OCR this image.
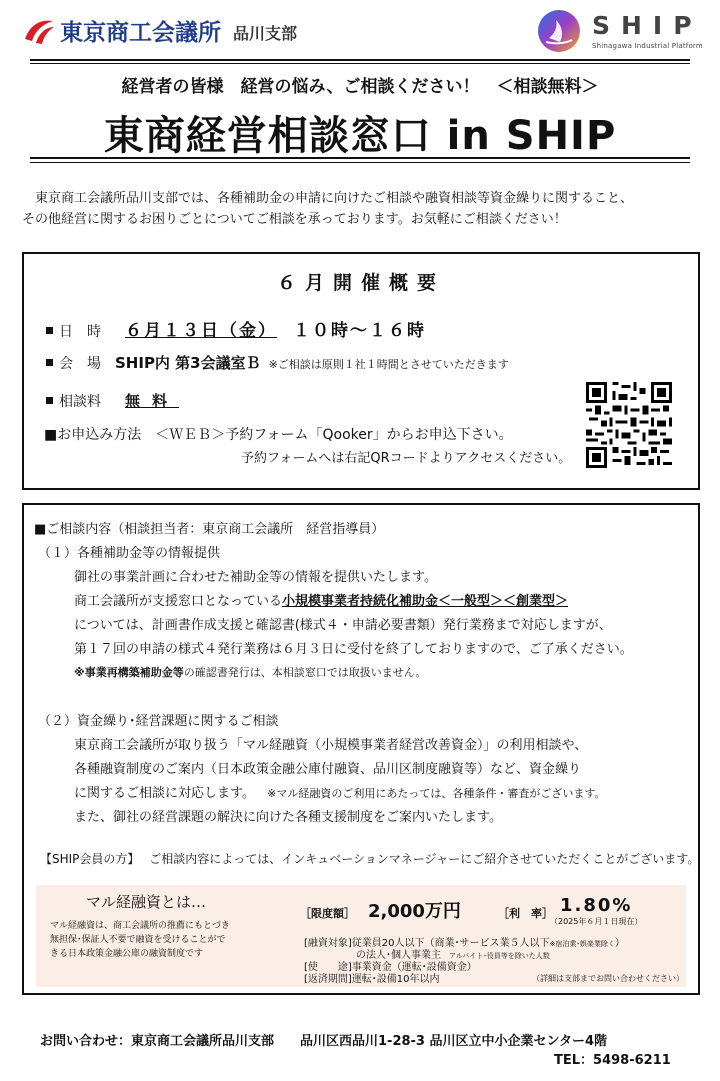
東京商工会議所 品川支部	SHIP
Shinagawa Industrial Platform
経営者の皆様　経営の悩み、ご相談ください！　＜相談無料＞
東商経営相談窓口 in SHIP
　東京商工会議所品川支部では、各種補助金の申請に向けたご相談や融資相談等資金繰りに関すること、
その他経営に関するお困りごとについてご相談を承っております。お気軽にご相談ください！
６月開催概要
日時 ６月１３日（金） １０時～１６時
会　場 SHIP内 第3会議室Ｂ ※ご相談は原則１社１時間とさせていただきます
相談料 無料
■お申込み方法　＜ＷＥＢ＞予約フォーム「Qooker」からお申込下さい。
予約フォームへは右記QRコードよりアクセスください。
■ご相談内容（相談担当者：東京商工会議所　経営指導員）
（１）各種補助金等の情報提供
御社の事業計画に合わせた補助金等の情報を提供いたします。
商工会議所が支援窓口となっている小規模事業者持続化補助金＜一般型＞＜創業型＞
については、計画書作成支援と確認書(様式４・申請必要書類）発行業務まで対応しますが、
第１７回の申請の様式４発行業務は６月３日に受付を終了しておりますので、ご了承ください。
※事業再構築補助金等の確認書発行は、本相談窓口では取扱いません。
（２）資金繰り･経営課題に関するご相談
東京商工会議所が取り扱う「マル経融資（小規模事業者経営改善資金）」の利用相談や、
各種融資制度のご案内（日本政策金融公庫付融資、品川区制度融資等）など、資金繰り
に関するご相談に対応します。 ※マル経融資のご利用にあたっては、各種条件・審査がございます。
また、御社の経営課題の解決に向けた各種支援制度をご案内いたします。
【SHIP会員の方】 ご相談内容によっては、インキュベーションマネージャーにご紹介させていただくことがございます。
マル経融資とは…
マル経融資は、商工会議所の推薦にもとづき
無担保･保証人不要で融資を受けることがで
きる日本政策金融公庫の融資制度です
［限度額］ 2,000万円	［利　率］ 1.80%
（2025年６月１日現在）
[融資対象]従業員20人以下（商業･サービス業５人以下※宿泊業･娯楽業除く）
の法人･個人事業主 アルバイト･役員等を除いた人数
[使　　途]事業資金（運転･設備資金）
[返済期間]運転･設備10年以内	（詳細は支部までお問い合わせください）
お問い合わせ：東京商工会議所品川支部　　品川区西品川1-28-3 品川区立中小企業センター4階
TEL：5498-6211
